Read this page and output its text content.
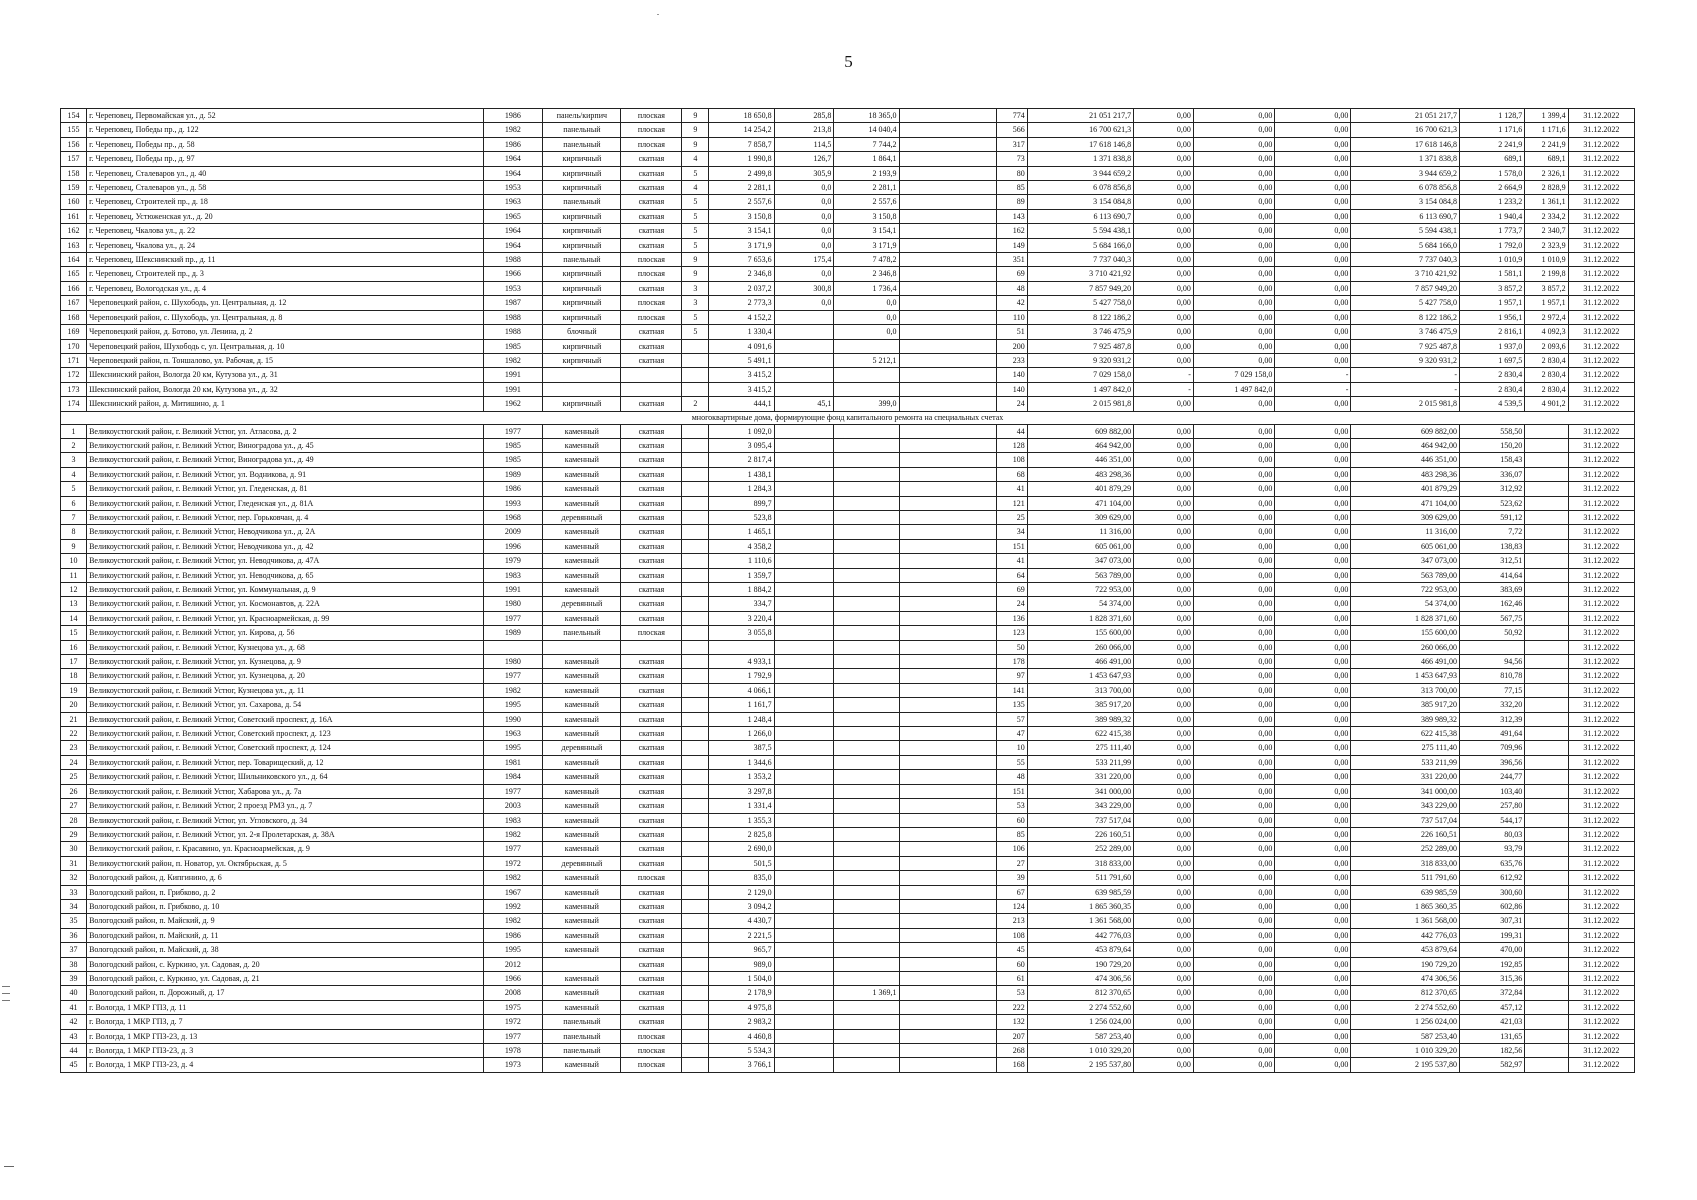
5
154	г. Череповец, Первомайская ул., д. 52	1986	панель/кирпич	плоская	9	18 650,8	285,8	18 365,0		774	21 051 217,7	0,00	0,00	0,00	21 051 217,7	1 128,7	1 399,4	31.12.2022
155	г. Череповец, Победы пр., д. 122	1982	панельный	плоская	9	14 254,2	213,8	14 040,4		566	16 700 621,3	0,00	0,00	0,00	16 700 621,3	1 171,6	1 171,6	31.12.2022
156	г. Череповец, Победы пр., д. 58	1986	панельный	плоская	9	7 858,7	114,5	7 744,2		317	17 618 146,8	0,00	0,00	0,00	17 618 146,8	2 241,9	2 241,9	31.12.2022
157	г. Череповец, Победы пр., д. 97	1964	кирпичный	скатная	4	1 990,8	126,7	1 864,1		73	1 371 838,8	0,00	0,00	0,00	1 371 838,8	689,1	689,1	31.12.2022
158	г. Череповец, Сталеваров ул., д. 40	1964	кирпичный	скатная	5	2 499,8	305,9	2 193,9		80	3 944 659,2	0,00	0,00	0,00	3 944 659,2	1 578,0	2 326,1	31.12.2022
159	г. Череповец, Сталеваров ул., д. 58	1953	кирпичный	скатная	4	2 281,1	0,0	2 281,1		85	6 078 856,8	0,00	0,00	0,00	6 078 856,8	2 664,9	2 828,9	31.12.2022
160	г. Череповец, Строителей пр., д. 18	1963	панельный	скатная	5	2 557,6	0,0	2 557,6		89	3 154 084,8	0,00	0,00	0,00	3 154 084,8	1 233,2	1 361,1	31.12.2022
161	г. Череповец, Устюженская ул., д. 20	1965	кирпичный	скатная	5	3 150,8	0,0	3 150,8		143	6 113 690,7	0,00	0,00	0,00	6 113 690,7	1 940,4	2 334,2	31.12.2022
162	г. Череповец, Чкалова ул., д. 22	1964	кирпичный	скатная	5	3 154,1	0,0	3 154,1		162	5 594 438,1	0,00	0,00	0,00	5 594 438,1	1 773,7	2 340,7	31.12.2022
163	г. Череповец, Чкалова ул., д. 24	1964	кирпичный	скатная	5	3 171,9	0,0	3 171,9		149	5 684 166,0	0,00	0,00	0,00	5 684 166,0	1 792,0	2 323,9	31.12.2022
164	г. Череповец, Шекснинский пр., д. 11	1988	панельный	плоская	9	7 653,6	175,4	7 478,2		351	7 737 040,3	0,00	0,00	0,00	7 737 040,3	1 010,9	1 010,9	31.12.2022
165	г. Череповец, Строителей пр., д. 3	1966	кирпичный	плоская	9	2 346,8	0,0	2 346,8		69	3 710 421,92	0,00	0,00	0,00	3 710 421,92	1 581,1	2 199,8	31.12.2022
166	г. Череповец, Вологодская ул., д. 4	1953	кирпичный	скатная	3	2 037,2	300,8	1 736,4		48	7 857 949,20	0,00	0,00	0,00	7 857 949,20	3 857,2	3 857,2	31.12.2022
167	Череповецкий район, с. Шухободь, ул. Центральная, д. 12	1987	кирпичный	плоская	3	2 773,3	0,0	0,0		42	5 427 758,0	0,00	0,00	0,00	5 427 758,0	1 957,1	1 957,1	31.12.2022
168	Череповецкий район, с. Шухободь, ул. Центральная, д. 8	1988	кирпичный	плоская	5	4 152,2		0,0		110	8 122 186,2	0,00	0,00	0,00	8 122 186,2	1 956,1	2 972,4	31.12.2022
169	Череповецкий район, д. Ботово, ул. Ленина, д. 2	1988	блочный	скатная	5	1 330,4		0,0		51	3 746 475,9	0,00	0,00	0,00	3 746 475,9	2 816,1	4 092,3	31.12.2022
170	Череповецкий район, Шухободь с, ул. Центральная, д. 10	1985	кирпичный	скатная		4 091,6				200	7 925 487,8	0,00	0,00	0,00	7 925 487,8	1 937,0	2 093,6	31.12.2022
171	Череповецкий район, п. Тоншалово, ул. Рабочая, д. 15	1982	кирпичный	скатная		5 491,1		5 212,1		233	9 320 931,2	0,00	0,00	0,00	9 320 931,2	1 697,5	2 830,4	31.12.2022
172	Шекснинский район, Вологда 20 км, Кутузова ул., д. 31	1991				3 415,2				140	7 029 158,0	-	7 029 158,0	-	-	2 830,4	2 830,4	31.12.2022
173	Шекснинский район, Вологда 20 км, Кутузова ул., д. 32	1991				3 415,2				140	1 497 842,0	-	1 497 842,0	-	-	2 830,4	2 830,4	31.12.2022
174	Шекснинский район, д. Митишино, д. 1	1962	кирпичный	скатная	2	444,1	45,1	399,0		24	2 015 981,8	0,00	0,00	0,00	2 015 981,8	4 539,5	4 901,2	31.12.2022
многоквартирные дома, формирующие фонд капитального ремонта на специальных счетах																		
1	Великоустюгский район, г. Великий Устюг, ул. Атласова, д. 2	1977	каменный	скатная		1 092,0				44	609 882,00	0,00	0,00	0,00	609 882,00	558,50		31.12.2022
2	Великоустюгский район, г. Великий Устюг, Виноградова ул., д. 45	1985	каменный	скатная		3 095,4				128	464 942,00	0,00	0,00	0,00	464 942,00	150,20		31.12.2022
3	Великоустюгский район, г. Великий Устюг, Виноградова ул., д. 49	1985	каменный	скатная		2 817,4				108	446 351,00	0,00	0,00	0,00	446 351,00	158,43		31.12.2022
4	Великоустюгский район, г. Великий Устюг, ул. Водникова, д. 91	1989	каменный	скатная		1 438,1				68	483 298,36	0,00	0,00	0,00	483 298,36	336,07		31.12.2022
5	Великоустюгский район, г. Великий Устюг, ул. Гледенская, д. 81	1986	каменный	скатная		1 284,3				41	401 879,29	0,00	0,00	0,00	401 879,29	312,92		31.12.2022
6	Великоустюгский район, г. Великий Устюг, Гледенская ул., д. 81А	1993	каменный	скатная		899,7				121	471 104,00	0,00	0,00	0,00	471 104,00	523,62		31.12.2022
7	Великоустюгский район, г. Великий Устюг, пер. Горьковчан, д. 4	1968	деревянный	скатная		523,8				25	309 629,00	0,00	0,00	0,00	309 629,00	591,12		31.12.2022
8	Великоустюгский район, г. Великий Устюг, Неводчикова ул., д. 2А	2009	каменный	скатная		1 465,1				34	11 316,00	0,00	0,00	0,00	11 316,00	7,72		31.12.2022
9	Великоустюгский район, г. Великий Устюг, Неводчикова ул., д. 42	1996	каменный	скатная		4 358,2				151	605 061,00	0,00	0,00	0,00	605 061,00	138,83		31.12.2022
10	Великоустюгский район, г. Великий Устюг, ул. Неводчикова, д. 47А	1979	каменный	скатная		1 110,6				41	347 073,00	0,00	0,00	0,00	347 073,00	312,51		31.12.2022
11	Великоустюгский район, г. Великий Устюг, ул. Неводчикова, д. 65	1983	каменный	скатная		1 359,7				64	563 789,00	0,00	0,00	0,00	563 789,00	414,64		31.12.2022
12	Великоустюгский район, г. Великий Устюг, ул. Коммунальная, д. 9	1991	каменный	скатная		1 884,2				69	722 953,00	0,00	0,00	0,00	722 953,00	383,69		31.12.2022
13	Великоустюгский район, г. Великий Устюг, ул. Космонавтов, д. 22А	1980	деревянный	скатная		334,7				24	54 374,00	0,00	0,00	0,00	54 374,00	162,46		31.12.2022
14	Великоустюгский район, г. Великий Устюг, ул. Красноармейская, д. 99	1977	каменный	скатная		3 220,4				136	1 828 371,60	0,00	0,00	0,00	1 828 371,60	567,75		31.12.2022
15	Великоустюгский район, г. Великий Устюг, ул. Кирова, д. 56	1989	панельный	плоская		3 055,8				123	155 600,00	0,00	0,00	0,00	155 600,00	50,92		31.12.2022
16	Великоустюгский район, г. Великий Устюг, Кузнецова ул., д. 68									50	260 066,00	0,00	0,00	0,00	260 066,00			31.12.2022
17	Великоустюгский район, г. Великий Устюг, ул. Кузнецова, д. 9	1980	каменный	скатная		4 933,1				178	466 491,00	0,00	0,00	0,00	466 491,00	94,56		31.12.2022
18	Великоустюгский район, г. Великий Устюг, ул. Кузнецова, д. 20	1977	каменный	скатная		1 792,9				97	1 453 647,93	0,00	0,00	0,00	1 453 647,93	810,78		31.12.2022
19	Великоустюгский район, г. Великий Устюг, Кузнецова ул., д. 11	1982	каменный	скатная		4 066,1				141	313 700,00	0,00	0,00	0,00	313 700,00	77,15		31.12.2022
20	Великоустюгский район, г. Великий Устюг, ул. Сахарова, д. 54	1995	каменный	скатная		1 161,7				135	385 917,20	0,00	0,00	0,00	385 917,20	332,20		31.12.2022
21	Великоустюгский район, г. Великий Устюг, Советский проспект, д. 16А	1990	каменный	скатная		1 248,4				57	389 989,32	0,00	0,00	0,00	389 989,32	312,39		31.12.2022
22	Великоустюгский район, г. Великий Устюг, Советский проспект, д. 123	1963	каменный	скатная		1 266,0				47	622 415,38	0,00	0,00	0,00	622 415,38	491,64		31.12.2022
23	Великоустюгский район, г. Великий Устюг, Советский проспект, д. 124	1995	деревянный	скатная		387,5				10	275 111,40	0,00	0,00	0,00	275 111,40	709,96		31.12.2022
24	Великоустюгский район, г. Великий Устюг, пер. Товарищеский, д. 12	1981	каменный	скатная		1 344,6				55	533 211,99	0,00	0,00	0,00	533 211,99	396,56		31.12.2022
25	Великоустюгский район, г. Великий Устюг, Шильниковского ул., д. 64	1984	каменный	скатная		1 353,2				48	331 220,00	0,00	0,00	0,00	331 220,00	244,77		31.12.2022
26	Великоустюгский район, г. Великий Устюг, Хабарова ул., д. 7а	1977	каменный	скатная		3 297,8				151	341 000,00	0,00	0,00	0,00	341 000,00	103,40		31.12.2022
27	Великоустюгский район, г. Великий Устюг, 2 проезд РМЗ ул., д. 7	2003	каменный	скатная		1 331,4				53	343 229,00	0,00	0,00	0,00	343 229,00	257,80		31.12.2022
28	Великоустюгский район, г. Великий Устюг, ул. Угловского, д. 34	1983	каменный	скатная		1 355,3				60	737 517,04	0,00	0,00	0,00	737 517,04	544,17		31.12.2022
29	Великоустюгский район, г. Великий Устюг, ул. 2-я Пролетарская, д. 38А	1982	каменный	скатная		2 825,8				85	226 160,51	0,00	0,00	0,00	226 160,51	80,03		31.12.2022
30	Великоустюгский район, г. Красавино, ул. Красноармейская, д. 9	1977	каменный	скатная		2 690,0				106	252 289,00	0,00	0,00	0,00	252 289,00	93,79		31.12.2022
31	Великоустюгский район, п. Новатор, ул. Октябрьская, д. 5	1972	деревянный	скатная		501,5				27	318 833,00	0,00	0,00	0,00	318 833,00	635,76		31.12.2022
32	Вологодский район, д. Кипгинино, д. 6	1982	каменный	плоская		835,0				39	511 791,60	0,00	0,00	0,00	511 791,60	612,92		31.12.2022
33	Вологодский район, п. Грибково, д. 2	1967	каменный	скатная		2 129,0				67	639 985,59	0,00	0,00	0,00	639 985,59	300,60		31.12.2022
34	Вологодский район, п. Грибково, д. 10	1992	каменный	скатная		3 094,2				124	1 865 360,35	0,00	0,00	0,00	1 865 360,35	602,86		31.12.2022
35	Вологодский район, п. Майский, д. 9	1982	каменный	скатная		4 430,7				213	1 361 568,00	0,00	0,00	0,00	1 361 568,00	307,31		31.12.2022
36	Вологодский район, п. Майский, д. 11	1986	каменный	скатная		2 221,5				108	442 776,03	0,00	0,00	0,00	442 776,03	199,31		31.12.2022
37	Вологодский район, п. Майский, д. 38	1995	каменный	скатная		965,7				45	453 879,64	0,00	0,00	0,00	453 879,64	470,00		31.12.2022
38	Вологодский район, с. Куркино, ул. Садовая, д. 20	2012		скатная		989,0				60	190 729,20	0,00	0,00	0,00	190 729,20	192,85		31.12.2022
39	Вологодский район, с. Куркино, ул. Садовая, д. 21	1966	каменный	скатная		1 504,0				61	474 306,56	0,00	0,00	0,00	474 306,56	315,36		31.12.2022
40	Вологодский район, п. Дорожный, д. 17	2008	каменный	скатная		2 178,9		1 369,1		53	812 370,65	0,00	0,00	0,00	812 370,65	372,84		31.12.2022
41	г. Вологда, 1 МКР ГПЗ, д. 11	1975	каменный	скатная		4 975,8				222	2 274 552,60	0,00	0,00	0,00	2 274 552,60	457,12		31.12.2022
42	г. Вологда, 1 МКР ГПЗ, д. 7	1972	панельный	скатная		2 983,2				132	1 256 024,00	0,00	0,00	0,00	1 256 024,00	421,03		31.12.2022
43	г. Вологда, 1 МКР ГПЗ-23, д. 13	1977	панельный	плоская		4 460,8				207	587 253,40	0,00	0,00	0,00	587 253,40	131,65		31.12.2022
44	г. Вологда, 1 МКР ГПЗ-23, д. 3	1978	панельный	плоская		5 534,3				268	1 010 329,20	0,00	0,00	0,00	1 010 329,20	182,56		31.12.2022
45	г. Вологда, 1 МКР ГПЗ-23, д. 4	1973	каменный	плоская		3 766,1				168	2 195 537,80	0,00	0,00	0,00	2 195 537,80	582,97		31.12.2022
